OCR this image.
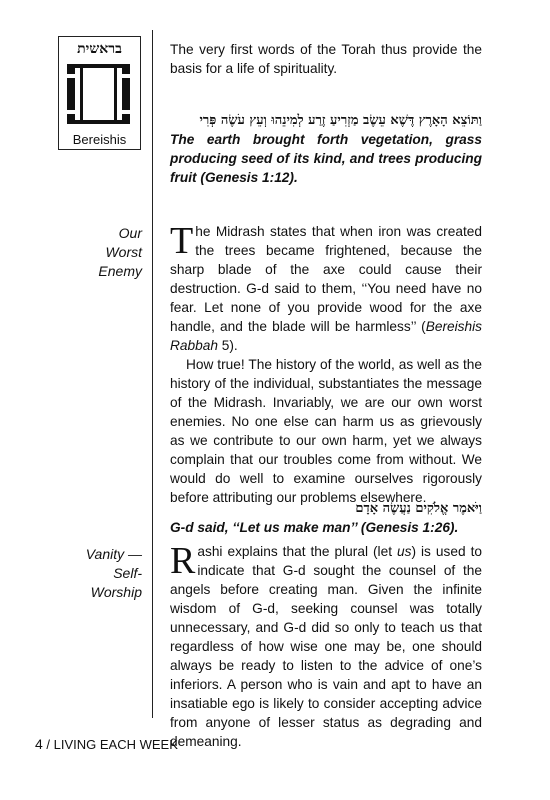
בראשית
Bereishis

The very first words of the Torah thus provide the basis for a life of spirituality.

וַתּוֹצֵא הָאָרֶץ דֶּשֶׁא עֵשֶׂב מַזְרִיעַ זֶרַע לְמִינֵהוּ וְעֵץ עֹשֶׂה פְּרִי

The earth brought forth vegetation, grass producing seed of its kind, and trees producing fruit (Genesis 1:12).

Our
Worst
Enemy

The Midrash states that when iron was created the trees became frightened, because the sharp blade of the axe could cause their destruction. G-d said to them, ‘‘You need have no fear. Let none of you provide wood for the axe handle, and the blade will be harmless’’ (Bereishis Rabbah 5).

How true! The history of the world, as well as the history of the individual, substantiates the message of the Midrash. Invariably, we are our own worst enemies. No one else can harm us as grievously as we contribute to our own harm, yet we always complain that our troubles come from without. We would do well to examine ourselves rigorously before attributing our problems elsewhere.

וַיֹּאמֶר אֱלֹקִים נַעֲשֶׂה אָדָם

G-d said, ‘‘Let us make man’’ (Genesis 1:26).

Vanity —
Self-
Worship

Rashi explains that the plural (let us) is used to indicate that G-d sought the counsel of the angels before creating man. Given the infinite wisdom of G-d, seeking counsel was totally unnecessary, and G-d did so only to teach us that regardless of how wise one may be, one should always be ready to listen to the advice of one’s inferiors. A person who is vain and apt to have an insatiable ego is likely to consider accepting advice from anyone of lesser status as degrading and demeaning.

4 / LIVING EACH WEEK
